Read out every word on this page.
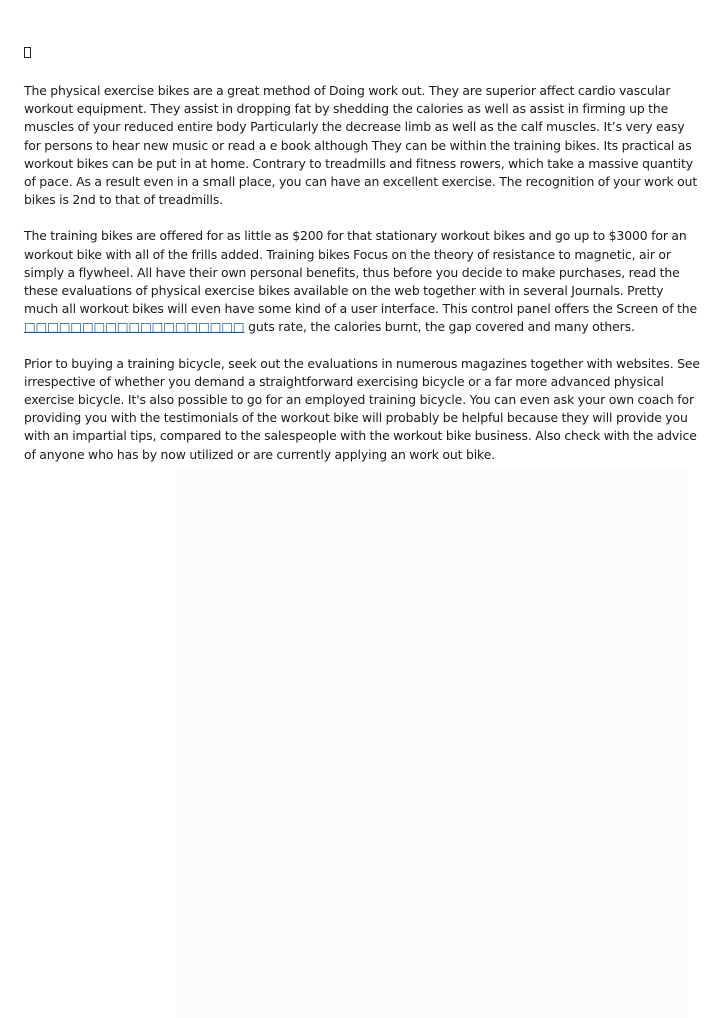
The physical exercise bikes are a great method of Doing work out. They are superior affect cardio vascular workout equipment. They assist in dropping fat by shedding the calories as well as assist in firming up the muscles of your reduced entire body Particularly the decrease limb as well as the calf muscles. It’s very easy for persons to hear new music or read a e book although They can be within the training bikes. Its practical as workout bikes can be put in at home. Contrary to treadmills and fitness rowers, which take a massive quantity of pace. As a result even in a small place, you can have an excellent exercise. The recognition of your work out bikes is 2nd to that of treadmills.

The training bikes are offered for as little as $200 for that stationary workout bikes and go up to $3000 for an workout bike with all of the frills added. Training bikes Focus on the theory of resistance to magnetic, air or simply a flywheel. All have their own personal benefits, thus before you decide to make purchases, read the these evaluations of physical exercise bikes available on the web together with in several Journals. Pretty much all workout bikes will even have some kind of a user interface. This control panel offers the Screen of the □□□□□□□□□□□□□□□□□□□ guts rate, the calories burnt, the gap covered and many others.

Prior to buying a training bicycle, seek out the evaluations in numerous magazines together with websites. See irrespective of whether you demand a straightforward exercising bicycle or a far more advanced physical exercise bicycle. It's also possible to go for an employed training bicycle. You can even ask your own coach for providing you with the testimonials of the workout bike will probably be helpful because they will provide you with an impartial tips, compared to the salespeople with the workout bike business. Also check with the advice of anyone who has by now utilized or are currently applying an work out bike.
